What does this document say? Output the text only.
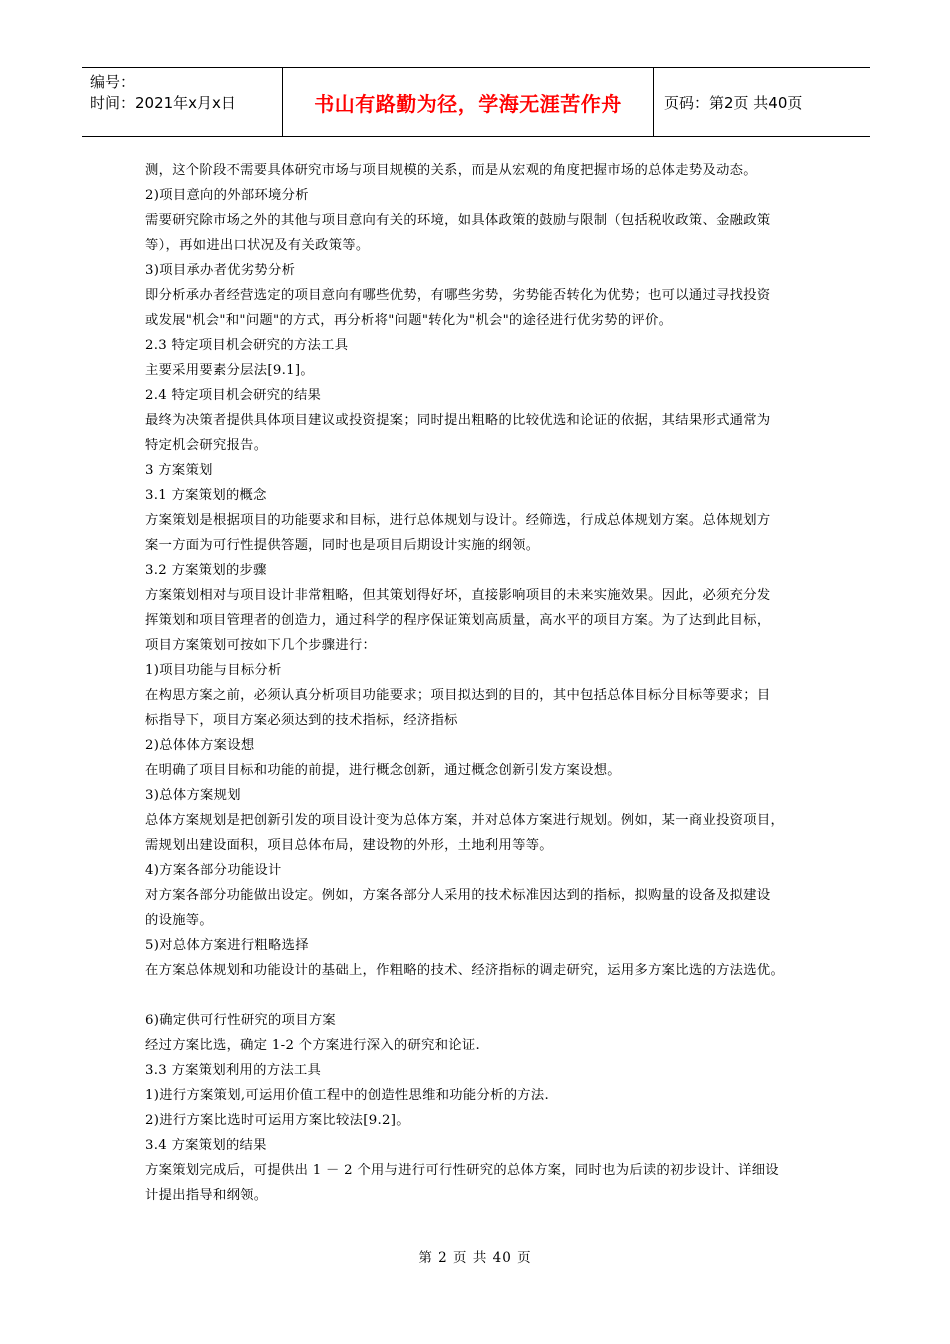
编号：
时间：2021年x月x日	书山有路勤为径，学海无涯苦作舟	页码：第2页 共40页
测，这个阶段不需要具体研究市场与项目规模的关系，而是从宏观的角度把握市场的总体走势及动态。
2)项目意向的外部环境分析
需要研究除市场之外的其他与项目意向有关的环境，如具体政策的鼓励与限制（包括税收政策、金融政策
等），再如进出口状况及有关政策等。
3)项目承办者优劣势分析
即分析承办者经营选定的项目意向有哪些优势，有哪些劣势，劣势能否转化为优势；也可以通过寻找投资
或发展"机会"和"问题"的方式，再分析将"问题"转化为"机会"的途径进行优劣势的评价。
2.3 特定项目机会研究的方法工具
主要采用要素分层法[9.1]。
2.4 特定项目机会研究的结果
最终为决策者提供具体项目建议或投资提案；同时提出粗略的比较优选和论证的依据，其结果形式通常为
特定机会研究报告。
3 方案策划
3.1 方案策划的概念
方案策划是根据项目的功能要求和目标，进行总体规划与设计。经筛选，行成总体规划方案。总体规划方
案一方面为可行性提供答题，同时也是项目后期设计实施的纲领。
3.2 方案策划的步骤
方案策划相对与项目设计非常粗略，但其策划得好坏，直接影响项目的未来实施效果。因此，必须充分发
挥策划和项目管理者的创造力，通过科学的程序保证策划高质量，高水平的项目方案。为了达到此目标，
项目方案策划可按如下几个步骤进行：
1)项目功能与目标分析
在构思方案之前，必须认真分析项目功能要求；项目拟达到的目的，其中包括总体目标分目标等要求；目
标指导下，项目方案必须达到的技术指标，经济指标
2)总体体方案设想
在明确了项目目标和功能的前提，进行概念创新，通过概念创新引发方案设想。
3)总体方案规划
总体方案规划是把创新引发的项目设计变为总体方案，并对总体方案进行规划。例如，某一商业投资项目，
需规划出建设面积，项目总体布局，建设物的外形，土地利用等等。
4)方案各部分功能设计
对方案各部分功能做出设定。例如，方案各部分人采用的技术标准因达到的指标，拟购量的设备及拟建设
的设施等。
5)对总体方案进行粗略选择
在方案总体规划和功能设计的基础上，作粗略的技术、经济指标的调走研究，运用多方案比选的方法选优。
6)确定供可行性研究的项目方案
经过方案比选，确定 1-2 个方案进行深入的研究和论证.
3.3 方案策划利用的方法工具
1)进行方案策划,可运用价值工程中的创造性思维和功能分析的方法.
2)进行方案比选时可运用方案比较法[9.2]。
3.4 方案策划的结果
方案策划完成后，可提供出 1 － 2 个用与进行可行性研究的总体方案，同时也为后读的初步设计、详细设
计提出指导和纲领。
第 2 页 共 40 页
